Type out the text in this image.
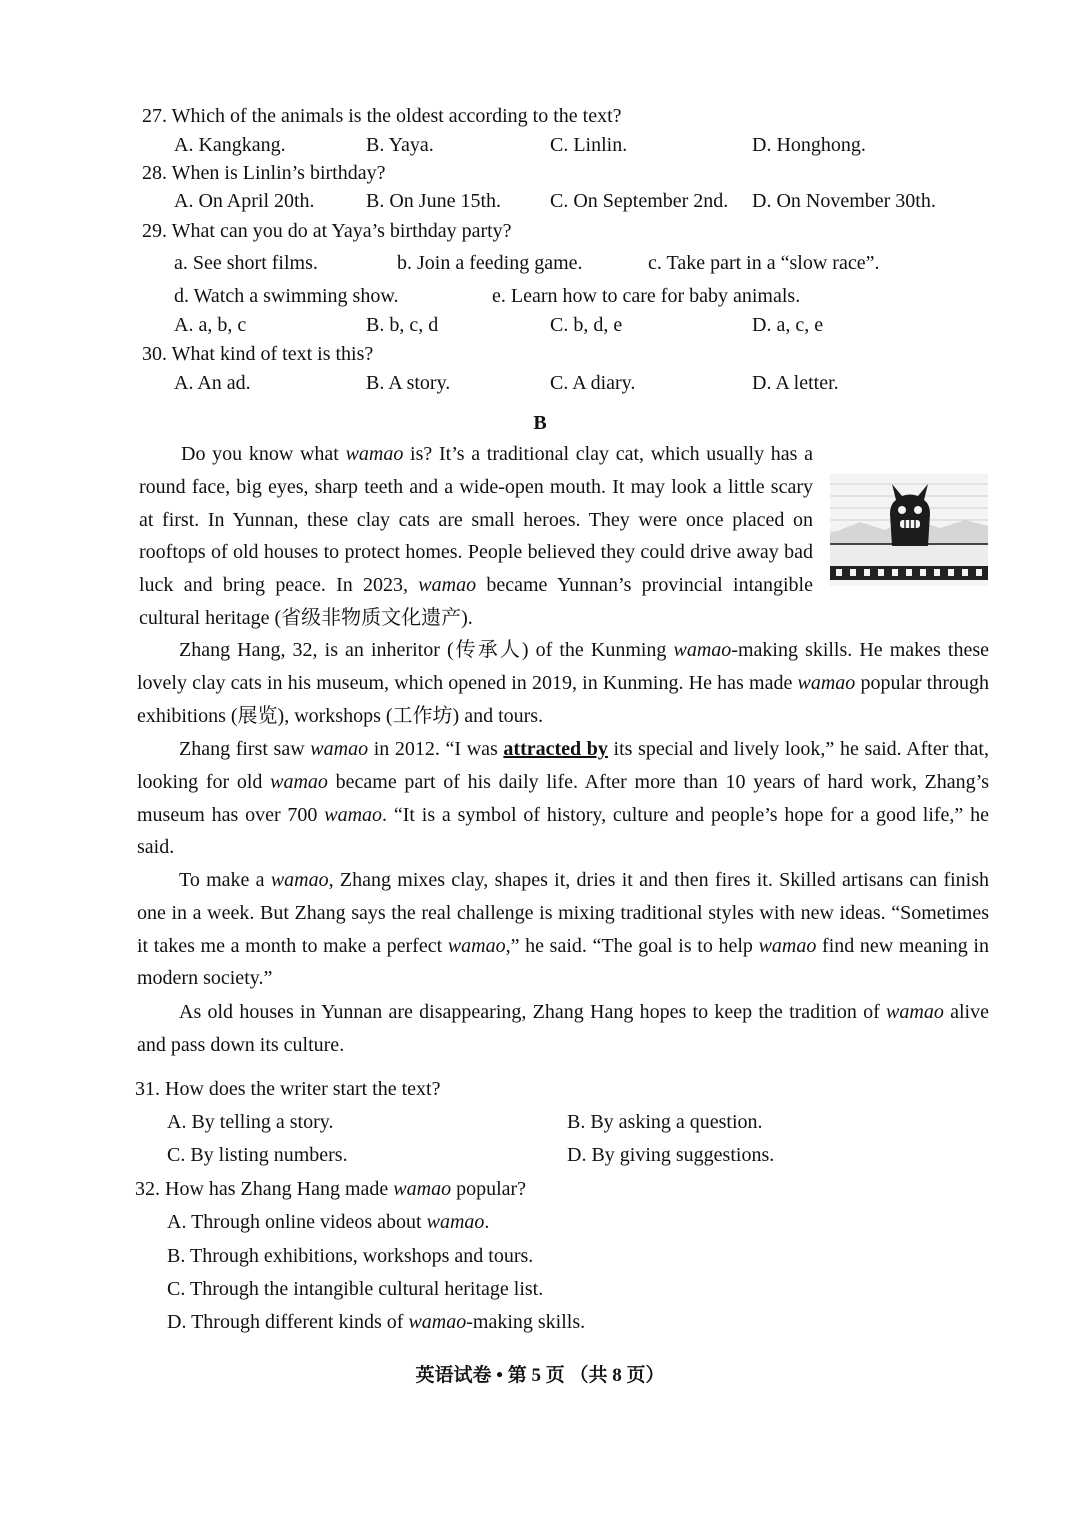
27. Which of the animals is the oldest according to the text?
A. Kangkang.	B. Yaya.	C. Linlin.	D. Honghong.
28. When is Linlin’s birthday?
A. On April 20th.	B. On June 15th. C. On September 2nd. D. On November 30th.
29. What can you do at Yaya’s birthday party?
a. See short films.	b. Join a feeding game.	c. Take part in a “slow race”.
d. Watch a swimming show.	e. Learn how to care for baby animals.
A. a, b, c	B. b, c, d	C. b, d, e	D. a, c, e
30. What kind of text is this?
A. An ad.	B. A story.	C. A diary.	D. A letter.
B

Do you know what wamao is? It’s a traditional clay cat, which usually has a round face, big eyes, sharp teeth and a wide-open mouth. It may look a little scary at first. In Yunnan, these clay cats are small heroes. They were once placed on rooftops of old houses to protect homes. People believed they could drive away bad luck and bring peace. In 2023, wamao became Yunnan’s provincial intangible cultural heritage (省级非物质文化遗产).

Zhang Hang, 32, is an inheritor (传承人) of the Kunming wamao-making skills. He makes these lovely clay cats in his museum, which opened in 2019, in Kunming. He has made wamao popular through exhibitions (展览), workshops (工作坊) and tours.

Zhang first saw wamao in 2012. “I was attracted by its special and lively look,” he said. After that, looking for old wamao became part of his daily life. After more than 10 years of hard work, Zhang’s museum has over 700 wamao. “It is a symbol of history, culture and people’s hope for a good life,” he said.

To make a wamao, Zhang mixes clay, shapes it, dries it and then fires it. Skilled artisans can finish one in a week. But Zhang says the real challenge is mixing traditional styles with new ideas. “Sometimes it takes me a month to make a perfect wamao,” he said. “The goal is to help wamao find new meaning in modern society.”

As old houses in Yunnan are disappearing, Zhang Hang hopes to keep the tradition of wamao alive and pass down its culture.

31. How does the writer start the text?
A. By telling a story.	B. By asking a question.
C. By listing numbers.	D. By giving suggestions.
32. How has Zhang Hang made wamao popular?
A. Through online videos about wamao.
B. Through exhibitions, workshops and tours.
C. Through the intangible cultural heritage list.
D. Through different kinds of wamao-making skills.
英语试卷 • 第 5 页 （共 8 页）
